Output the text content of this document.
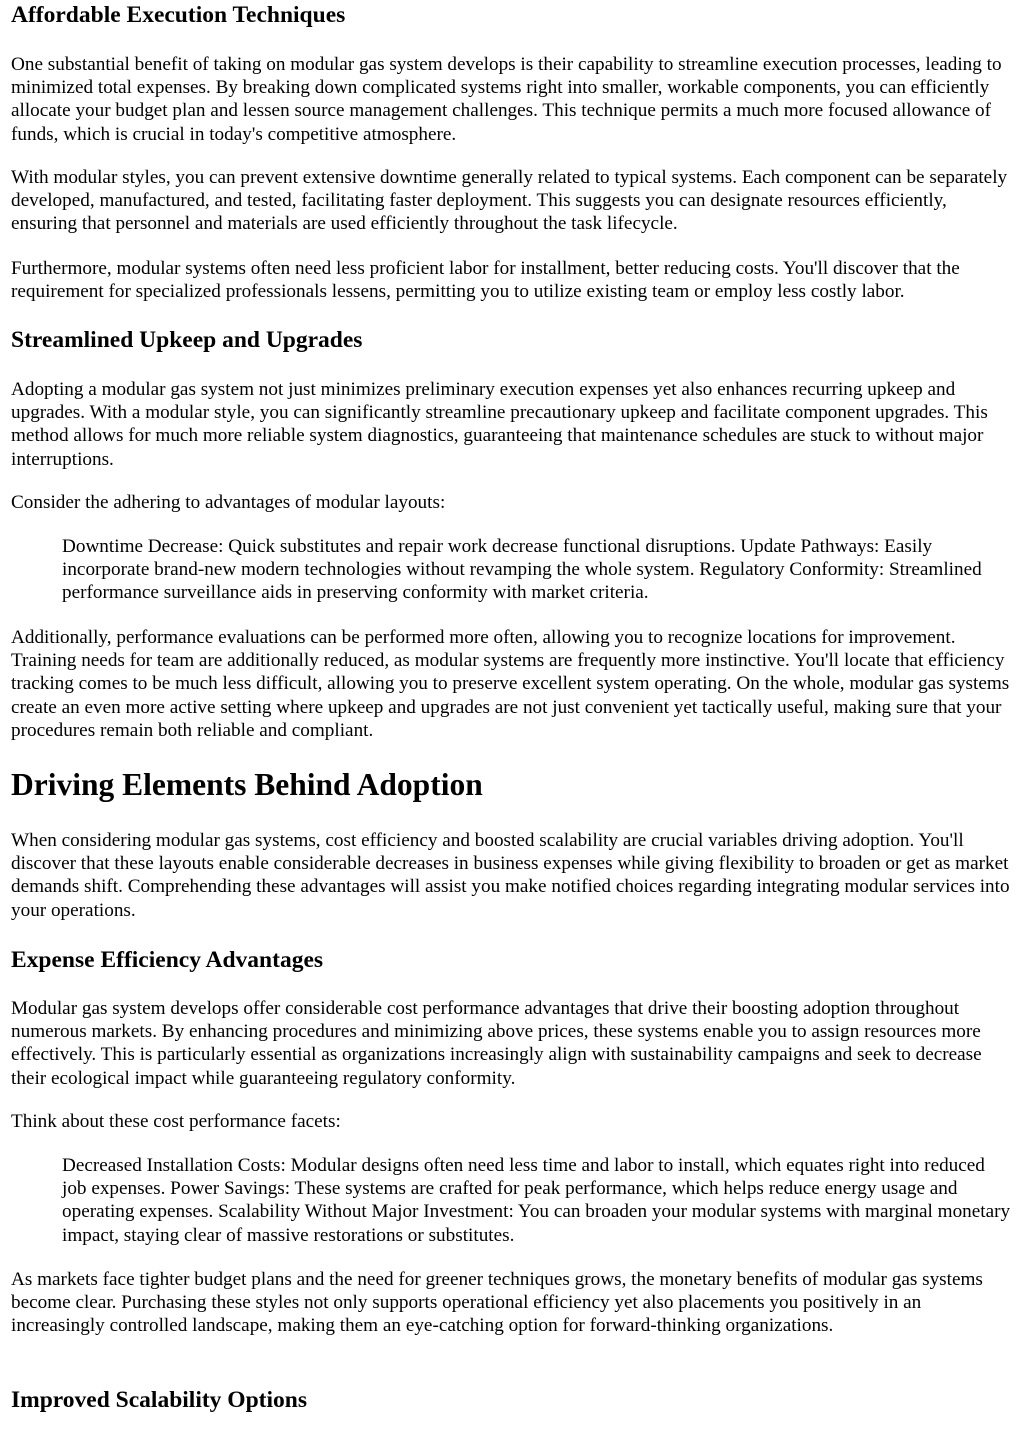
Affordable Execution Techniques

One substantial benefit of taking on modular gas system develops is their capability to streamline execution processes, leading to minimized total expenses. By breaking down complicated systems right into smaller, workable components, you can efficiently allocate your budget plan and lessen source management challenges. This technique permits a much more focused allowance of funds, which is crucial in today's competitive atmosphere.

With modular styles, you can prevent extensive downtime generally related to typical systems. Each component can be separately developed, manufactured, and tested, facilitating faster deployment. This suggests you can designate resources efficiently, ensuring that personnel and materials are used efficiently throughout the task lifecycle.

Furthermore, modular systems often need less proficient labor for installment, better reducing costs. You'll discover that the requirement for specialized professionals lessens, permitting you to utilize existing team or employ less costly labor.

Streamlined Upkeep and Upgrades

Adopting a modular gas system not just minimizes preliminary execution expenses yet also enhances recurring upkeep and upgrades. With a modular style, you can significantly streamline precautionary upkeep and facilitate component upgrades. This method allows for much more reliable system diagnostics, guaranteeing that maintenance schedules are stuck to without major interruptions.

Consider the adhering to advantages of modular layouts:

Downtime Decrease: Quick substitutes and repair work decrease functional disruptions. Update Pathways: Easily incorporate brand-new modern technologies without revamping the whole system. Regulatory Conformity: Streamlined performance surveillance aids in preserving conformity with market criteria.

Additionally, performance evaluations can be performed more often, allowing you to recognize locations for improvement. Training needs for team are additionally reduced, as modular systems are frequently more instinctive. You'll locate that efficiency tracking comes to be much less difficult, allowing you to preserve excellent system operating. On the whole, modular gas systems create an even more active setting where upkeep and upgrades are not just convenient yet tactically useful, making sure that your procedures remain both reliable and compliant.

Driving Elements Behind Adoption

When considering modular gas systems, cost efficiency and boosted scalability are crucial variables driving adoption. You'll discover that these layouts enable considerable decreases in business expenses while giving flexibility to broaden or get as market demands shift. Comprehending these advantages will assist you make notified choices regarding integrating modular services into your operations.

Expense Efficiency Advantages

Modular gas system develops offer considerable cost performance advantages that drive their boosting adoption throughout numerous markets. By enhancing procedures and minimizing above prices, these systems enable you to assign resources more effectively. This is particularly essential as organizations increasingly align with sustainability campaigns and seek to decrease their ecological impact while guaranteeing regulatory conformity.

Think about these cost performance facets:

Decreased Installation Costs: Modular designs often need less time and labor to install, which equates right into reduced job expenses. Power Savings: These systems are crafted for peak performance, which helps reduce energy usage and operating expenses. Scalability Without Major Investment: You can broaden your modular systems with marginal monetary impact, staying clear of massive restorations or substitutes.

As markets face tighter budget plans and the need for greener techniques grows, the monetary benefits of modular gas systems become clear. Purchasing these styles not only supports operational efficiency yet also placements you positively in an increasingly controlled landscape, making them an eye-catching option for forward-thinking organizations.

Improved Scalability Options
